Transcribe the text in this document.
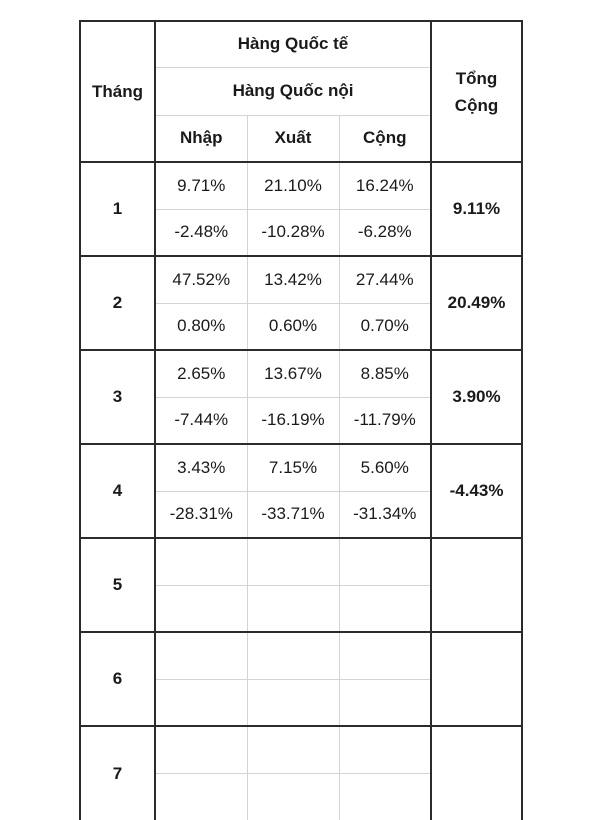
Tháng	Hàng Quốc tế			Tổng Cộng
	Hàng Quốc nội			
	Nhập	Xuất	Cộng	
1	9.71%	21.10%	16.24%	9.11%
	-2.48%	-10.28%	-6.28%	
2	47.52%	13.42%	27.44%	20.49%
	0.80%	0.60%	0.70%	
3	2.65%	13.67%	8.85%	3.90%
	-7.44%	-16.19%	-11.79%	
4	3.43%	7.15%	5.60%	-4.43%
	-28.31%	-33.71%	-31.34%	
5				

6				

7				
